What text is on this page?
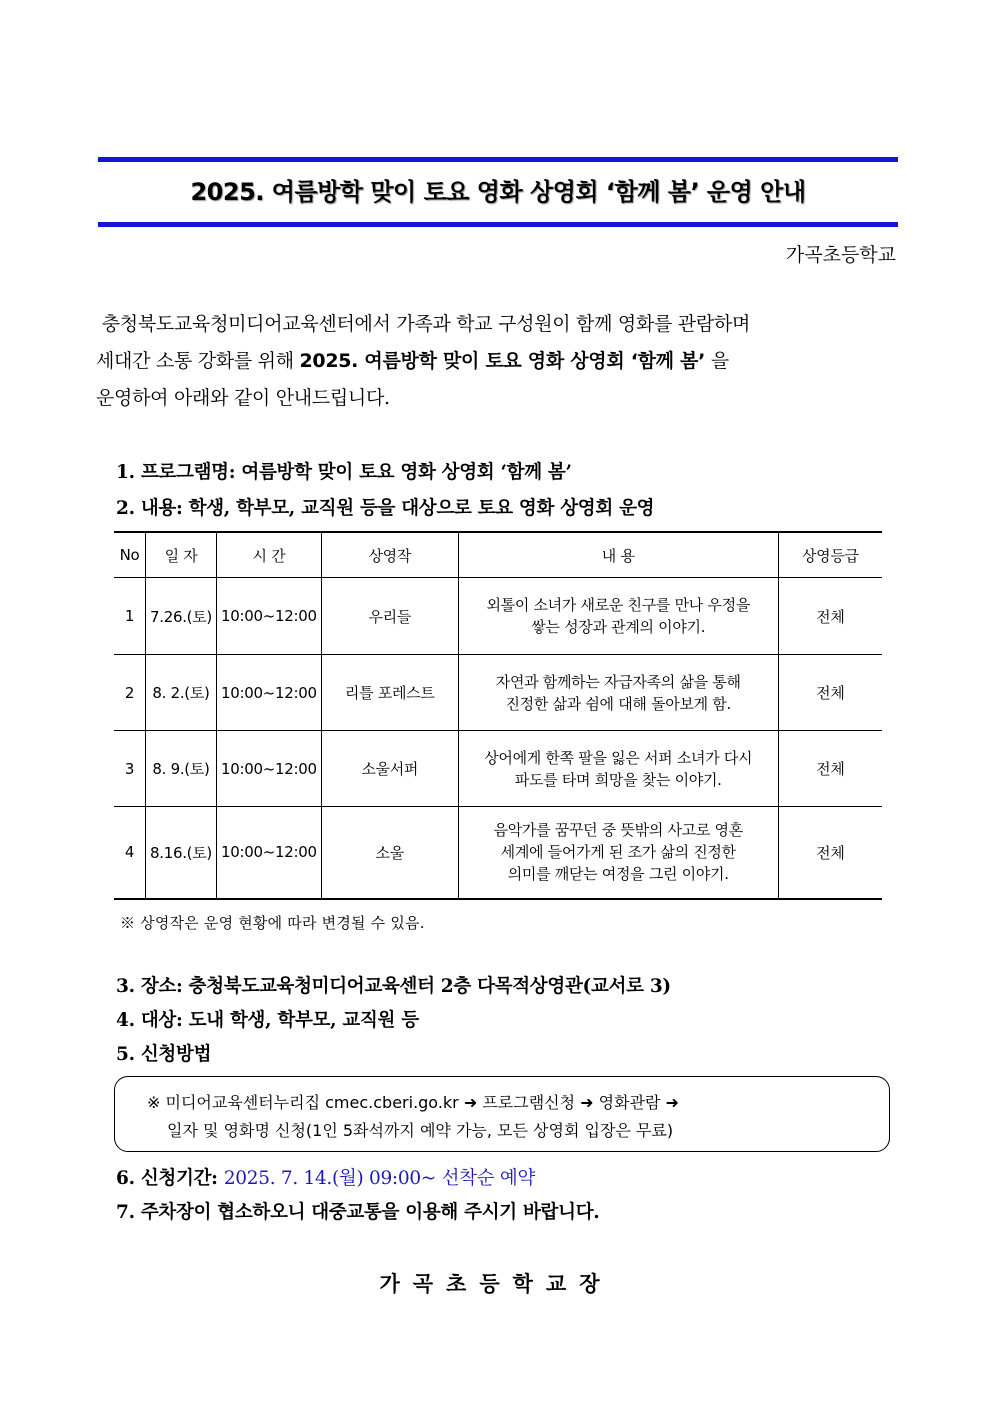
2025. 여름방학 맞이 토요 영화 상영회 ‘함께 봄’ 운영 안내
가곡초등학교
충청북도교육청미디어교육센터에서 가족과 학교 구성원이 함께 영화를 관람하며
세대간 소통 강화를 위해 2025. 여름방학 맞이 토요 영화 상영회 ‘함께 봄’ 을
운영하여 아래와 같이 안내드립니다.
1. 프로그램명: 여름방학 맞이 토요 영화 상영회 ‘함께 봄’
2. 내용: 학생, 학부모, 교직원 등을 대상으로 토요 영화 상영회 운영
No	일 자	시 간	상영작	내 용	상영등급
1	7.26.(토)	10:00~12:00	우리들	외톨이 소녀가 새로운 친구를 만나 우정을
쌓는 성장과 관계의 이야기.	전체
2	8. 2.(토)	10:00~12:00	리틀 포레스트	자연과 함께하는 자급자족의 삶을 통해
진정한 삶과 쉼에 대해 돌아보게 함.	전체
3	8. 9.(토)	10:00~12:00	소울서퍼	상어에게 한쪽 팔을 잃은 서퍼 소녀가 다시
파도를 타며 희망을 찾는 이야기.	전체
4	8.16.(토)	10:00~12:00	소울	음악가를 꿈꾸던 중 뜻밖의 사고로 영혼
세계에 들어가게 된 조가 삶의 진정한
의미를 깨닫는 여정을 그린 이야기.	전체
※ 상영작은 운영 현황에 따라 변경될 수 있음.
3. 장소: 충청북도교육청미디어교육센터 2층 다목적상영관(교서로 3)
4. 대상: 도내 학생, 학부모, 교직원 등
5. 신청방법
※ 미디어교육센터누리집 cmec.cberi.go.kr ➜ 프로그램신청 ➜ 영화관람 ➜
일자 및 영화명 신청(1인 5좌석까지 예약 가능, 모든 상영회 입장은 무료)
6. 신청기간: 2025. 7. 14.(월) 09:00~ 선착순 예약
7. 주차장이 협소하오니 대중교통을 이용해 주시기 바랍니다.
가곡초등학교장
